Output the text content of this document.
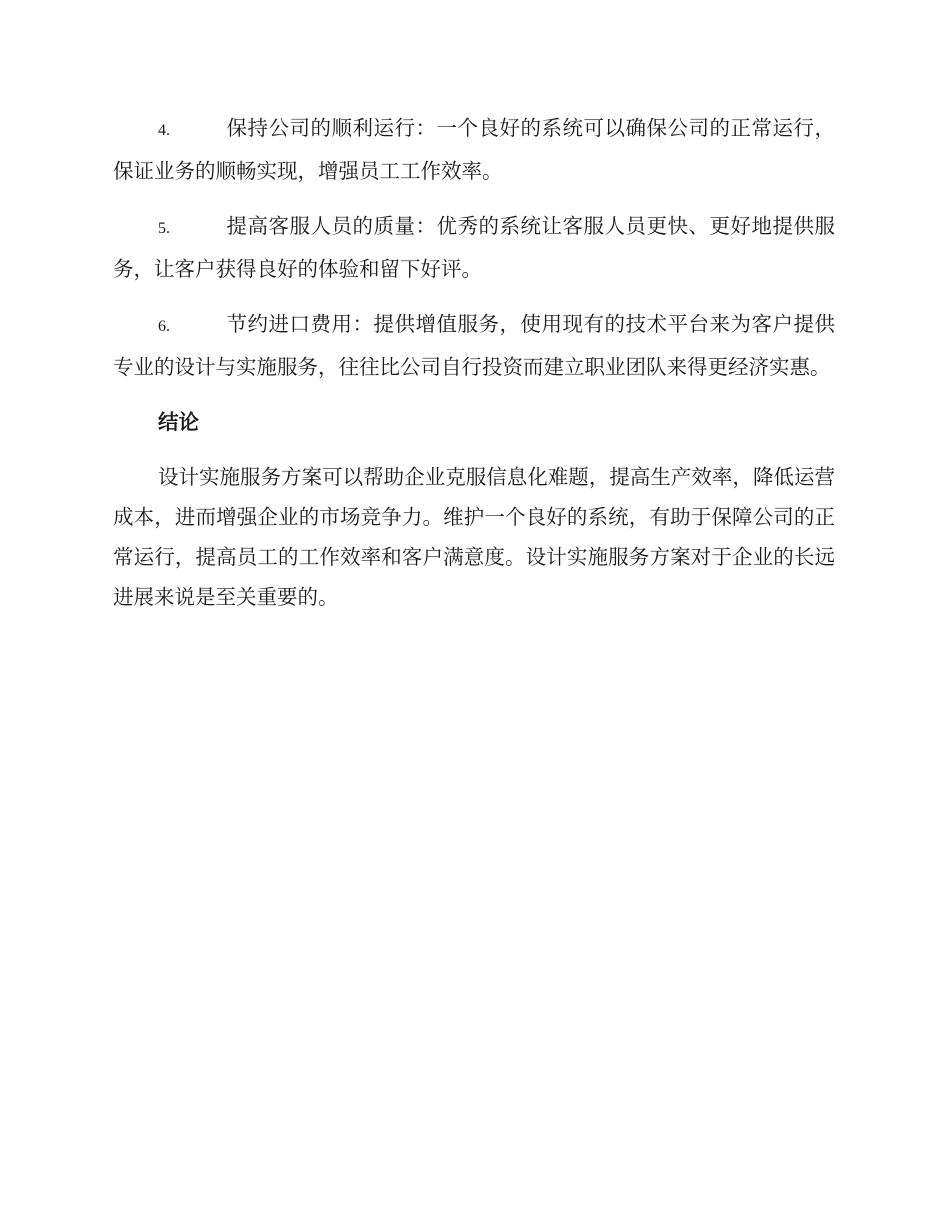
4.	保持公司的顺利运行：一个良好的系统可以确保公司的正常运行，保证业务的顺畅实现，增强员工工作效率。

5.	提高客服人员的质量：优秀的系统让客服人员更快、更好地提供服务，让客户获得良好的体验和留下好评。

6.	节约进口费用：提供增值服务，使用现有的技术平台来为客户提供专业的设计与实施服务，往往比公司自行投资而建立职业团队来得更经济实惠。

结论

设计实施服务方案可以帮助企业克服信息化难题，提高生产效率，降低运营成本，进而增强企业的市场竞争力。维护一个良好的系统，有助于保障公司的正常运行，提高员工的工作效率和客户满意度。设计实施服务方案对于企业的长远进展来说是至关重要的。
